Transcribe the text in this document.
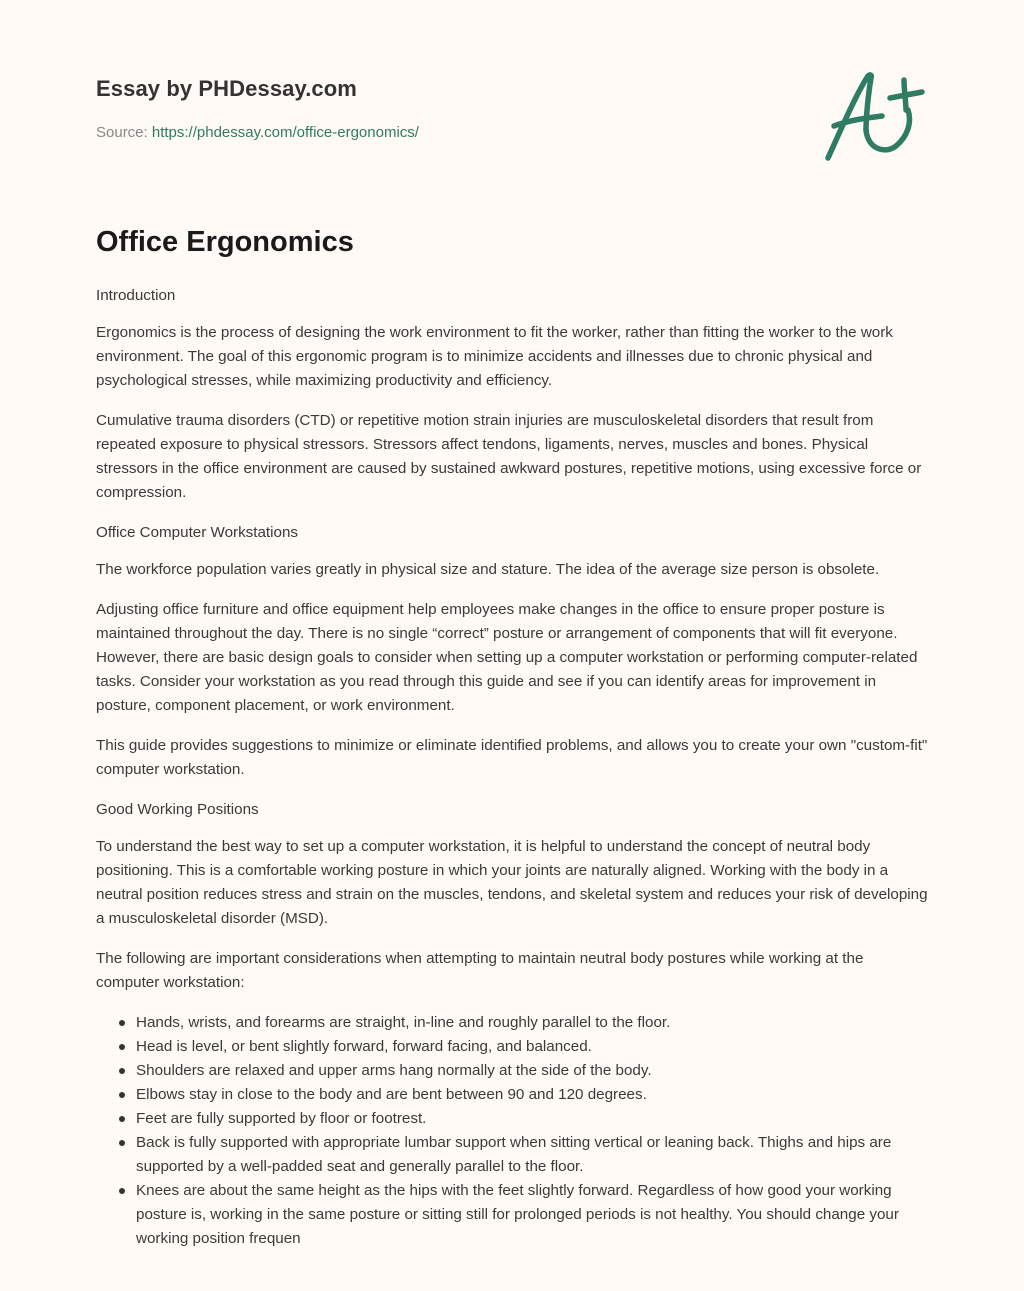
Essay by PHDessay.com
Source: https://phdessay.com/office-ergonomics/
Office Ergonomics

Introduction

Ergonomics is the process of designing the work environment to fit the worker, rather than fitting the worker to the work environment. The goal of this ergonomic program is to minimize accidents and illnesses due to chronic physical and psychological stresses, while maximizing productivity and efficiency.

Cumulative trauma disorders (CTD) or repetitive motion strain injuries are musculoskeletal disorders that result from repeated exposure to physical stressors. Stressors affect tendons, ligaments, nerves, muscles and bones. Physical stressors in the office environment are caused by sustained awkward postures, repetitive motions, using excessive force or compression.

Office Computer Workstations

The workforce population varies greatly in physical size and stature. The idea of the average size person is obsolete.

Adjusting office furniture and office equipment help employees make changes in the office to ensure proper posture is maintained throughout the day. There is no single “correct” posture or arrangement of components that will fit everyone. However, there are basic design goals to consider when setting up a computer workstation or performing computer-related tasks. Consider your workstation as you read through this guide and see if you can identify areas for improvement in posture, component placement, or work environment.

This guide provides suggestions to minimize or eliminate identified problems, and allows you to create your own "custom-fit" computer workstation.

Good Working Positions

To understand the best way to set up a computer workstation, it is helpful to understand the concept of neutral body positioning. This is a comfortable working posture in which your joints are naturally aligned. Working with the body in a neutral position reduces stress and strain on the muscles, tendons, and skeletal system and reduces your risk of developing a musculoskeletal disorder (MSD).

The following are important considerations when attempting to maintain neutral body postures while working at the computer workstation:

Hands, wrists, and forearms are straight, in-line and roughly parallel to the floor.
Head is level, or bent slightly forward, forward facing, and balanced.
Shoulders are relaxed and upper arms hang normally at the side of the body.
Elbows stay in close to the body and are bent between 90 and 120 degrees.
Feet are fully supported by floor or footrest.
Back is fully supported with appropriate lumbar support when sitting vertical or leaning back. Thighs and hips are supported by a well-padded seat and generally parallel to the floor.
Knees are about the same height as the hips with the feet slightly forward. Regardless of how good your working posture is, working in the same posture or sitting still for prolonged periods is not healthy. You should change your working position frequen
